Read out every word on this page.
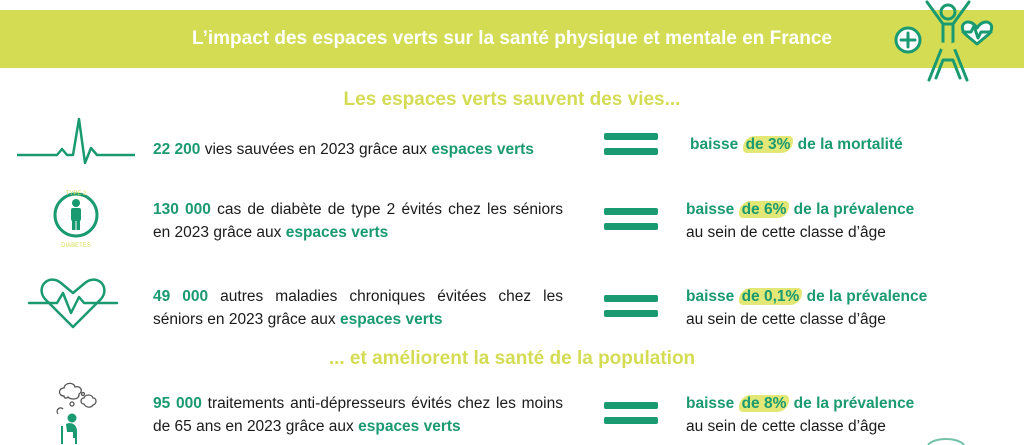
L’impact des espaces verts sur la santé physique et mentale en France
Les espaces verts sauvent des vies...
22 200 vies sauvées en 2023 grâce aux espaces verts	baisse de 3% de la mortalité
TYPE 2
DIABETES
130 000 cas de diabète de type 2 évités chez les séniors en 2023 grâce aux espaces verts
baisse de 6% de la prévalence
au sein de cette classe d’âge
49 000 autres maladies chroniques évitées chez les séniors en 2023 grâce aux espaces verts
baisse de 0,1% de la prévalence
au sein de cette classe d’âge
... et améliorent la santé de la population
95 000 traitements anti-dépresseurs évités chez les moins de 65 ans en 2023 grâce aux espaces verts
baisse de 8% de la prévalence
au sein de cette classe d’âge
